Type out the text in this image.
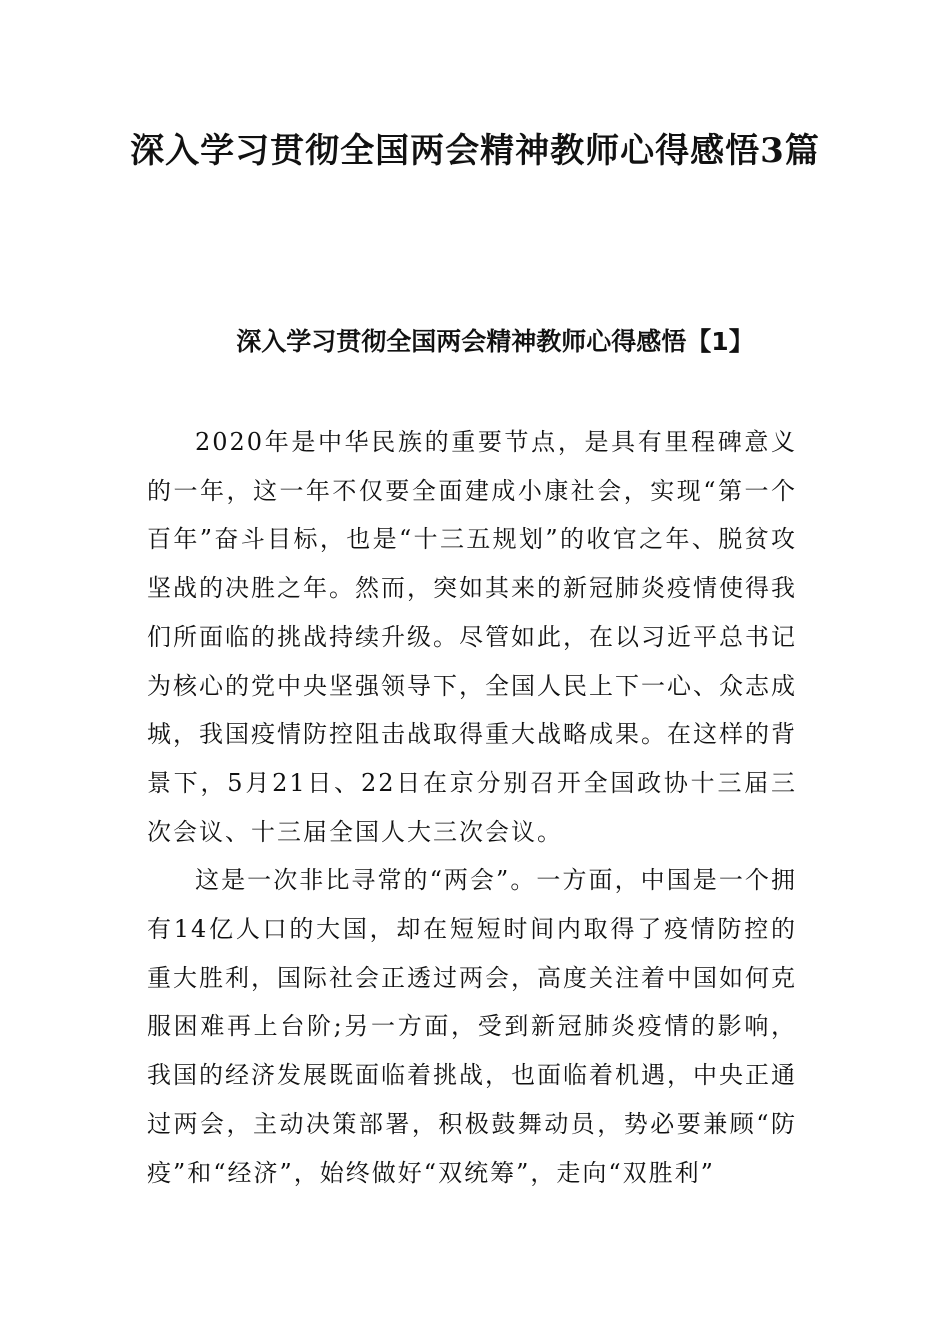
深入学习贯彻全国两会精神教师心得感悟3篇
深入学习贯彻全国两会精神教师心得感悟【1】

2020年是中华民族的重要节点，是具有里程碑意义的一年，这一年不仅要全面建成小康社会，实现“第一个百年”奋斗目标，也是“十三五规划”的收官之年、脱贫攻坚战的决胜之年。然而，突如其来的新冠肺炎疫情使得我们所面临的挑战持续升级。尽管如此，在以习近平总书记为核心的党中央坚强领导下，全国人民上下一心、众志成城，我国疫情防控阻击战取得重大战略成果。在这样的背景下，5月21日、22日在京分别召开全国政协十三届三次会议、十三届全国人大三次会议。

这是一次非比寻常的“两会”。一方面，中国是一个拥有14亿人口的大国，却在短短时间内取得了疫情防控的重大胜利，国际社会正透过两会，高度关注着中国如何克服困难再上台阶;另一方面，受到新冠肺炎疫情的影响，我国的经济发展既面临着挑战，也面临着机遇，中央正通过两会，主动决策部署，积极鼓舞动员，势必要兼顾“防疫”和“经济”，始终做好“双统筹”，走向“双胜利”
